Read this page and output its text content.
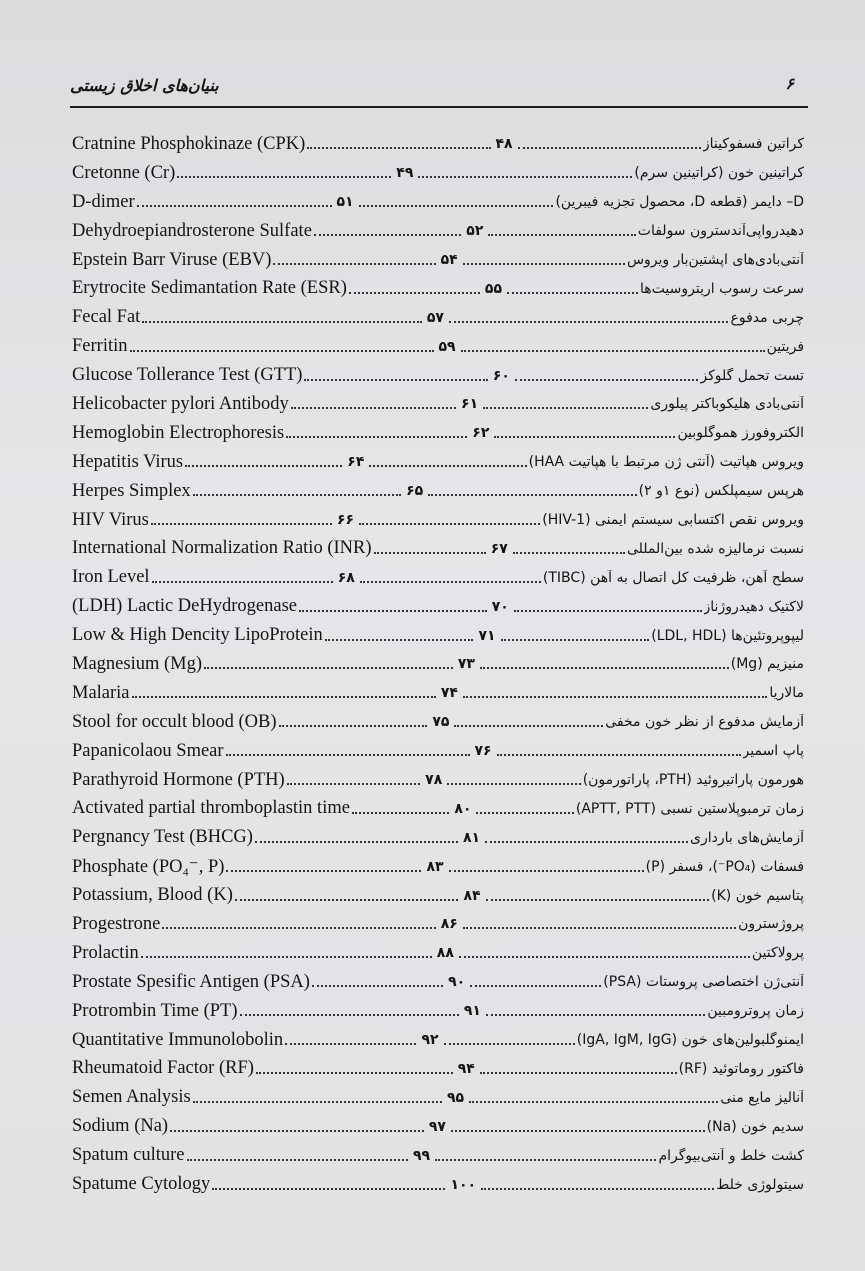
بنیان‌های اخلاق زیستی	۶
Cratnine Phosphokinaze (CPK)	۴۸	کراتین فسفوکیناز
Cretonne (Cr)	۴۹	کراتینین خون (کراتینین سرم)
D-dimer	۵۱	D– دایمر (قطعه D، محصول تجزیه فیبرین)
Dehydroepiandrosterone Sulfate	۵۲	دهیدرواپی‌آندسترون سولفات
Epstein Barr Viruse (EBV)	۵۴	آنتی‌بادی‌های اپشتین‌بار ویروس
Erytrocite Sedimantation Rate (ESR)	۵۵	سرعت رسوب اریتروسیت‌ها
Fecal Fat	۵۷	چربی مدفوع
Ferritin	۵۹	فریتین
Glucose Tollerance Test (GTT)	۶۰	تست تحمل گلوکز
Helicobacter pylori Antibody	۶۱	آنتی‌بادی هلیکوباکتر پیلوری
Hemoglobin Electrophoresis	۶۲	الکتروفورز هموگلوبین
Hepatitis Virus	۶۴	ویروس هپاتیت (آنتی ژن مرتبط با هپاتیت HAA)
Herpes Simplex	۶۵	هرپس سیمپلکس (نوع ۱و ۲)
HIV Virus	۶۶	ویروس نقص اکتسابی سیستم ایمنی (HIV-1)
International Normalization Ratio (INR)	۶۷	نسبت نرمالیزه شده بین‌المللی
Iron Level	۶۸	سطح آهن، ظرفیت کل اتصال به آهن (TIBC)
(LDH) Lactic DeHydrogenase	۷۰	لاکتیک دهیدروژناز
Low & High Dencity LipoProtein	۷۱	لیپوپروتئین‌ها (LDL, HDL)
Magnesium (Mg)	۷۳	منیزیم (Mg)
Malaria	۷۴	مالاریا
Stool for occult blood (OB)	۷۵	آزمایش مدفوع از نظر خون مخفی
Papanicolaou Smear	۷۶	پاپ اسمیر
Parathyroid Hormone (PTH)	۷۸	هورمون پاراتیروئید (PTH، پاراتورمون)
Activated partial thromboplastin time	۸۰	زمان ترمبوپلاستین نسبی (APTT, PTT)
Pergnancy Test (BHCG)	۸۱	آزمایش‌های بارداری
Phosphate (PO₄⁻, P)	۸۳	فسفات (PO₄⁻)، فسفر (P)
Potassium, Blood (K)	۸۴	پتاسیم خون (K)
Progestrone	۸۶	پروژسترون
Prolactin	۸۸	پرولاکتین
Prostate Spesific Antigen (PSA)	۹۰	آنتی‌ژن اختصاصی پروستات (PSA)
Protrombin Time (PT)	۹۱	زمان پروترومبین
Quantitative Immunolobolin	۹۲	ایمنوگلبولین‌های خون (IgA, IgM, IgG)
Rheumatoid Factor (RF)	۹۴	فاکتور روماتوئید (RF)
Semen Analysis	۹۵	آنالیز مایع منی
Sodium (Na)	۹۷	سدیم خون (Na)
Spatum culture	۹۹	کشت خلط و آنتی‌بیوگرام
Spatume Cytology	۱۰۰	سیتولوژی خلط
